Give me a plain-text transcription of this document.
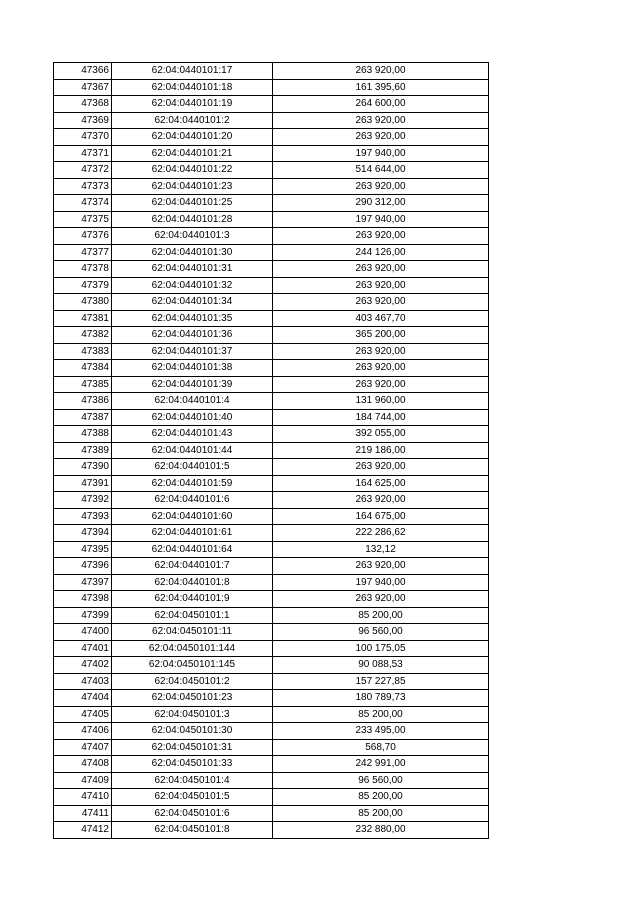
47366	62:04:0440101:17	263 920,00
47367	62:04:0440101:18	161 395,60
47368	62:04:0440101:19	264 600,00
47369	62:04:0440101:2	263 920,00
47370	62:04:0440101:20	263 920,00
47371	62:04:0440101:21	197 940,00
47372	62:04:0440101:22	514 644,00
47373	62:04:0440101:23	263 920,00
47374	62:04:0440101:25	290 312,00
47375	62:04:0440101:28	197 940,00
47376	62:04:0440101:3	263 920,00
47377	62:04:0440101:30	244 126,00
47378	62:04:0440101:31	263 920,00
47379	62:04:0440101:32	263 920,00
47380	62:04:0440101:34	263 920,00
47381	62:04:0440101:35	403 467,70
47382	62:04:0440101:36	365 200,00
47383	62:04:0440101:37	263 920,00
47384	62:04:0440101:38	263 920,00
47385	62:04:0440101:39	263 920,00
47386	62:04:0440101:4	131 960,00
47387	62:04:0440101:40	184 744,00
47388	62:04:0440101:43	392 055,00
47389	62:04:0440101:44	219 186,00
47390	62:04:0440101:5	263 920,00
47391	62:04:0440101:59	164 625,00
47392	62:04:0440101:6	263 920,00
47393	62:04:0440101:60	164 675,00
47394	62:04:0440101:61	222 286,62
47395	62:04:0440101:64	132,12
47396	62:04:0440101:7	263 920,00
47397	62:04:0440101:8	197 940,00
47398	62:04:0440101:9	263 920,00
47399	62:04:0450101:1	85 200,00
47400	62:04:0450101:11	96 560,00
47401	62:04:0450101:144	100 175,05
47402	62:04:0450101:145	90 088,53
47403	62:04:0450101:2	157 227,85
47404	62:04:0450101:23	180 789,73
47405	62:04:0450101:3	85 200,00
47406	62:04:0450101:30	233 495,00
47407	62:04:0450101:31	568,70
47408	62:04:0450101:33	242 991,00
47409	62:04:0450101:4	96 560,00
47410	62:04:0450101:5	85 200,00
47411	62:04:0450101:6	85 200,00
47412	62:04:0450101:8	232 880,00
